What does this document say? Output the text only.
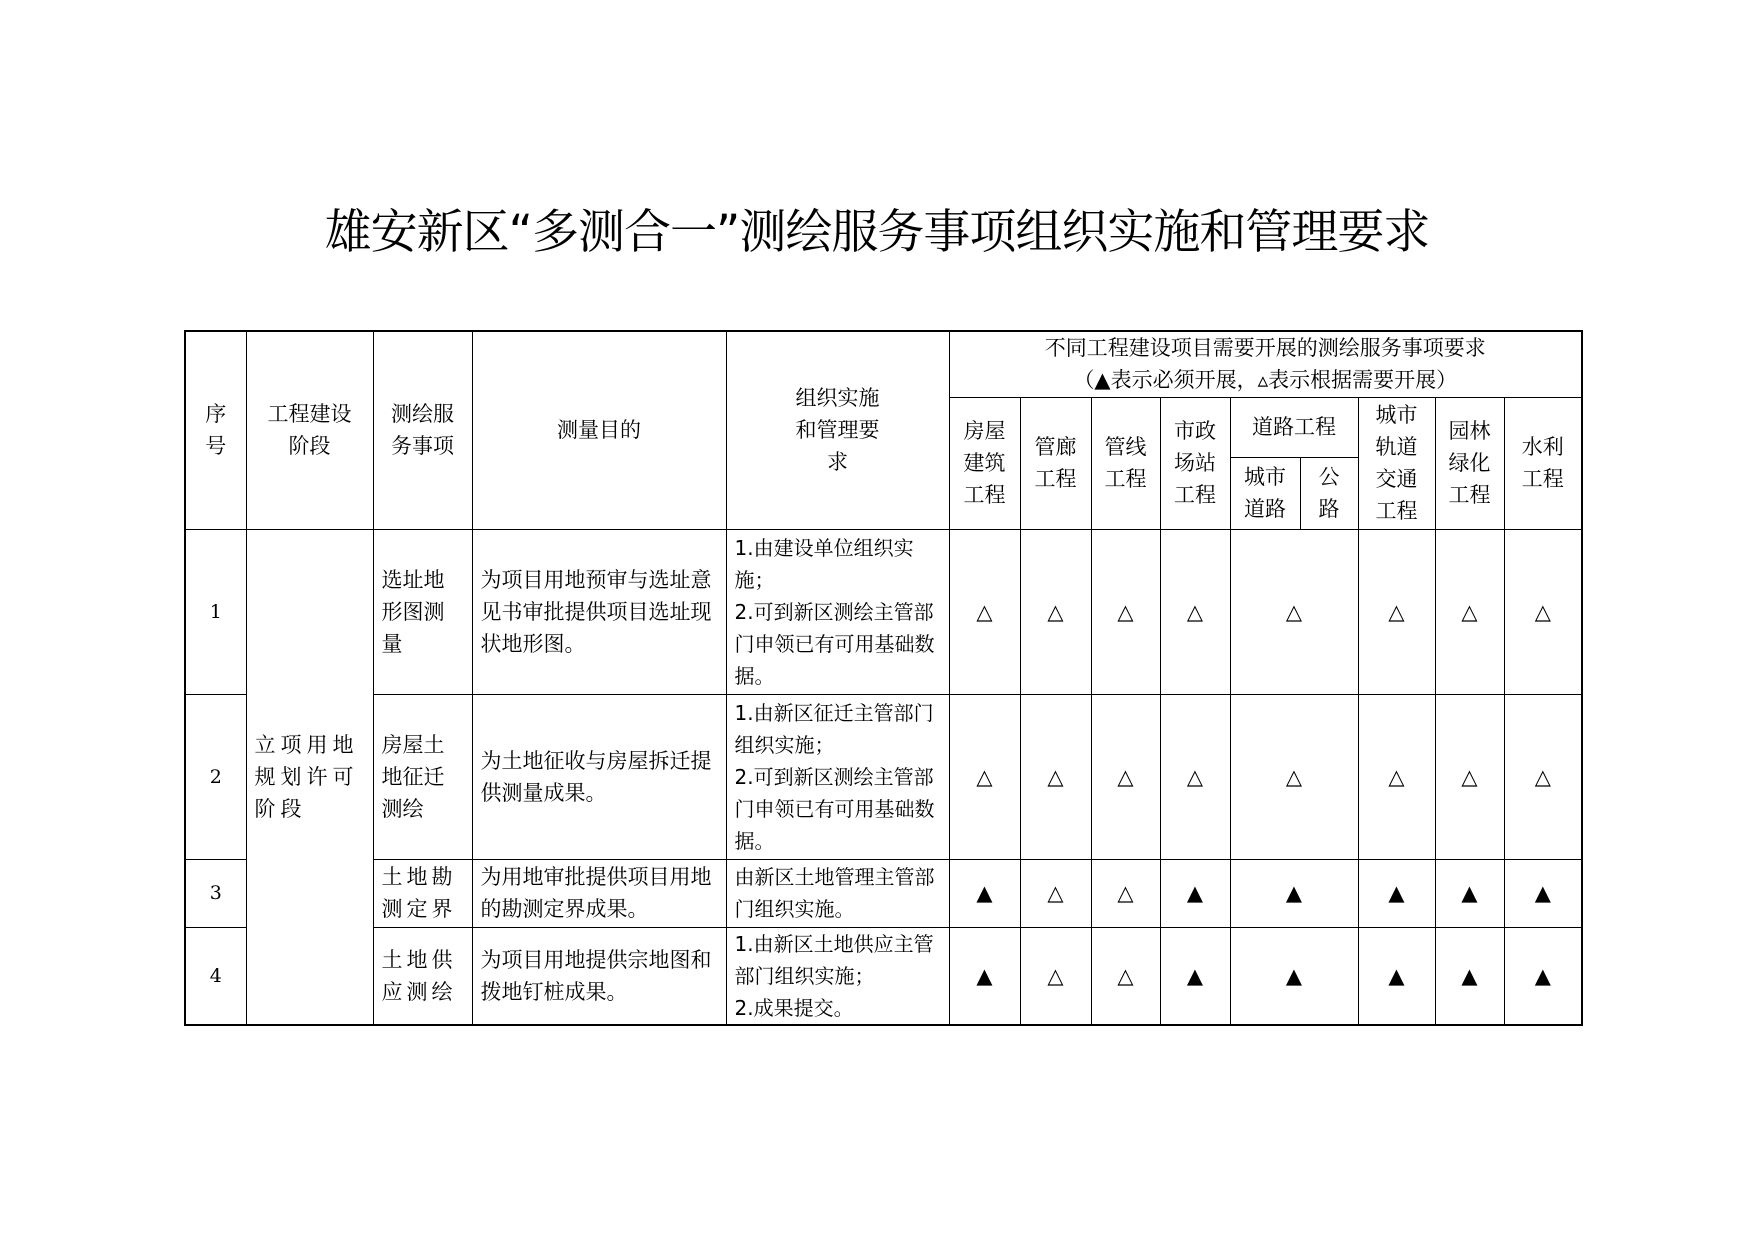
雄安新区“多测合一”测绘服务事项组织实施和管理要求
序号	工程建设阶段	测绘服务事项	测量目的	组织实施和管理要求	不同工程建设项目需要开展的测绘服务事项要求
（▲表示必须开展，▵表示根据需要开展）								

					房屋建筑工程	管廊工程	管线工程	市政场站工程	道路工程		城市轨道交通工程	园林绿化工程	水利工程

									城市道路	公路			

1	立项用地规划许可阶段	选址地形图测量	为项目用地预审与选址意见书审批提供项目选址现状地形图。	1.由建设单位组织实施；
2.可到新区测绘主管部门申领已有可用基础数据。	△	△	△	△	△		△	△	△
2		房屋土地征迁测绘	为土地征收与房屋拆迁提供测量成果。	1.由新区征迁主管部门组织实施；
2.可到新区测绘主管部门申领已有可用基础数据。	△	△	△	△	△		△	△	△
3		土地勘测定界	为用地审批提供项目用地的勘测定界成果。	由新区土地管理主管部门组织实施。	▲	△	△	▲	▲		▲	▲	▲
4		土地供应测绘	为项目用地提供宗地图和拨地钉桩成果。	1.由新区土地供应主管部门组织实施；
2.成果提交。	▲	△	△	▲	▲		▲	▲	▲
